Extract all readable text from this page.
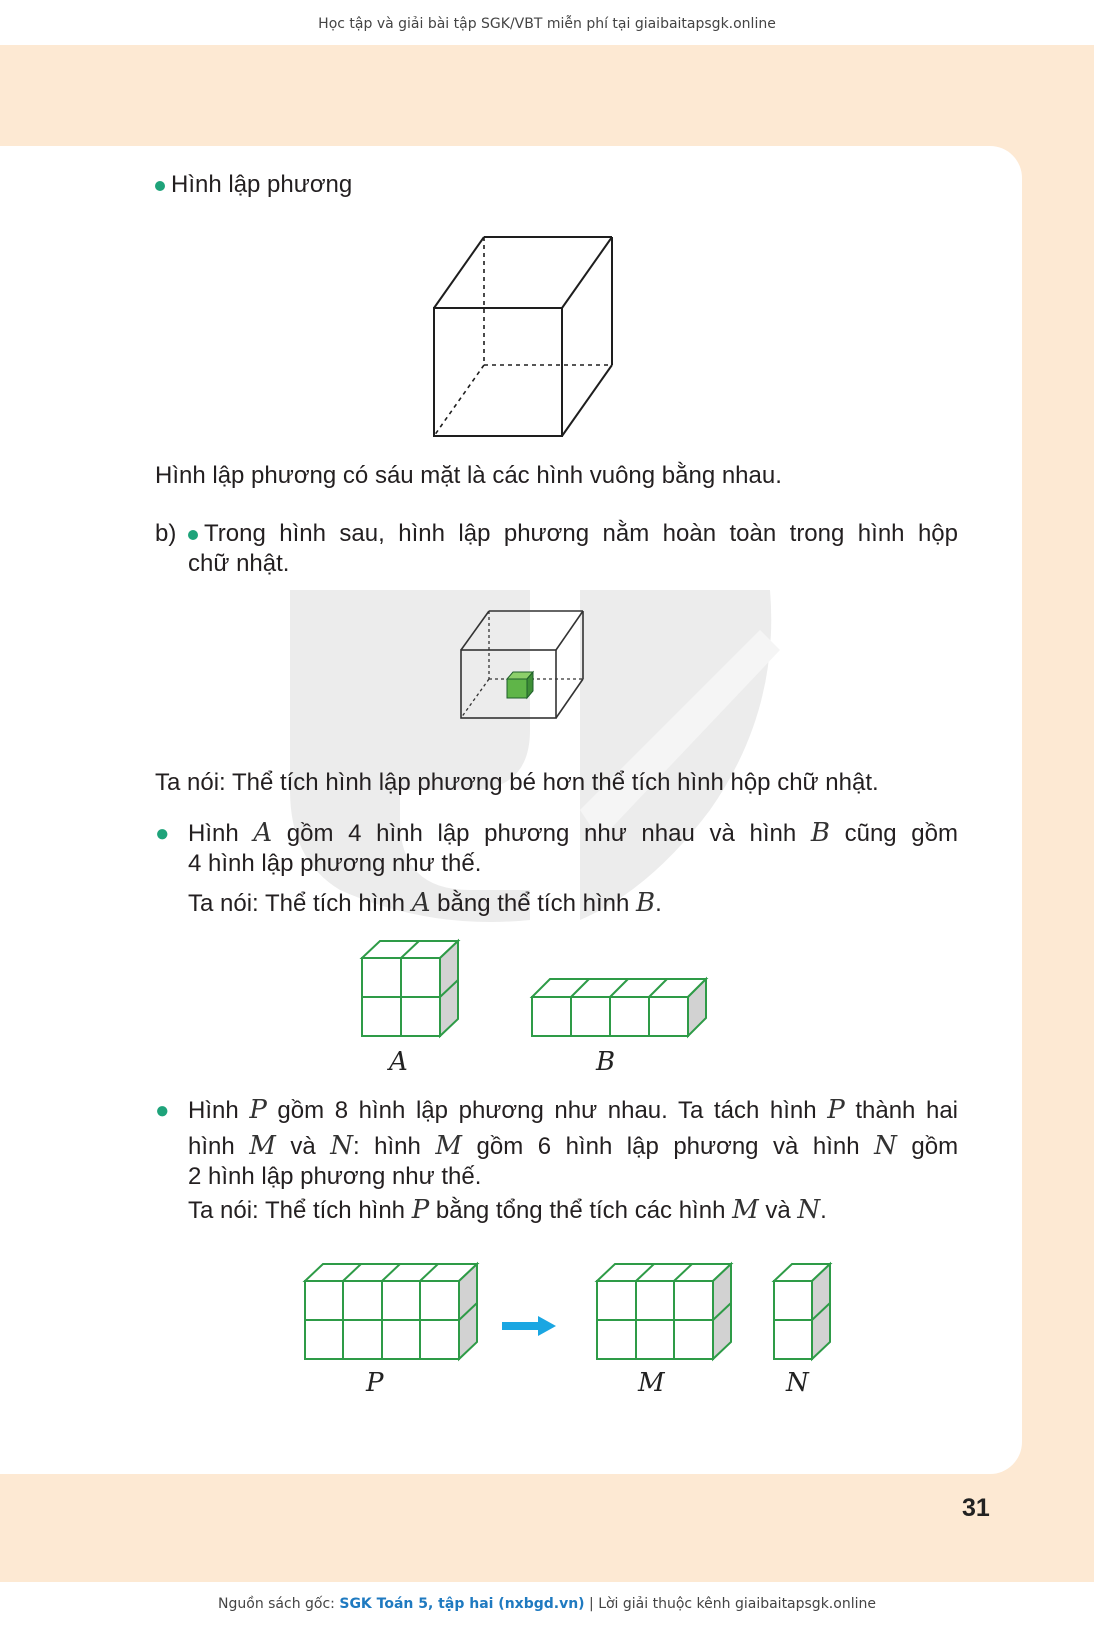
Học tập và giải bài tập SGK/VBT miễn phí tại giaibaitapsgk.online
Hình lập phương
Hình lập phương có sáu mặt là các hình vuông bằng nhau.
b)	Trong hình sau, hình lập phương nằm hoàn toàn trong hình hộp
chữ nhật.
Ta nói: Thể tích hình lập phương bé hơn thể tích hình hộp chữ nhật.
● Hình A gồm 4 hình lập phương như nhau và hình B cũng gồm
4 hình lập phương như thế.
Ta nói: Thể tích hình A bằng thể tích hình B.
A	B
● Hình P gồm 8 hình lập phương như nhau. Ta tách hình P thành hai
hình M và N: hình M gồm 6 hình lập phương và hình N gồm
2 hình lập phương như thế.
Ta nói: Thể tích hình P bằng tổng thể tích các hình M và N.
P	M	N
31
Nguồn sách gốc: SGK Toán 5, tập hai (nxbgd.vn) | Lời giải thuộc kênh giaibaitapsgk.online
